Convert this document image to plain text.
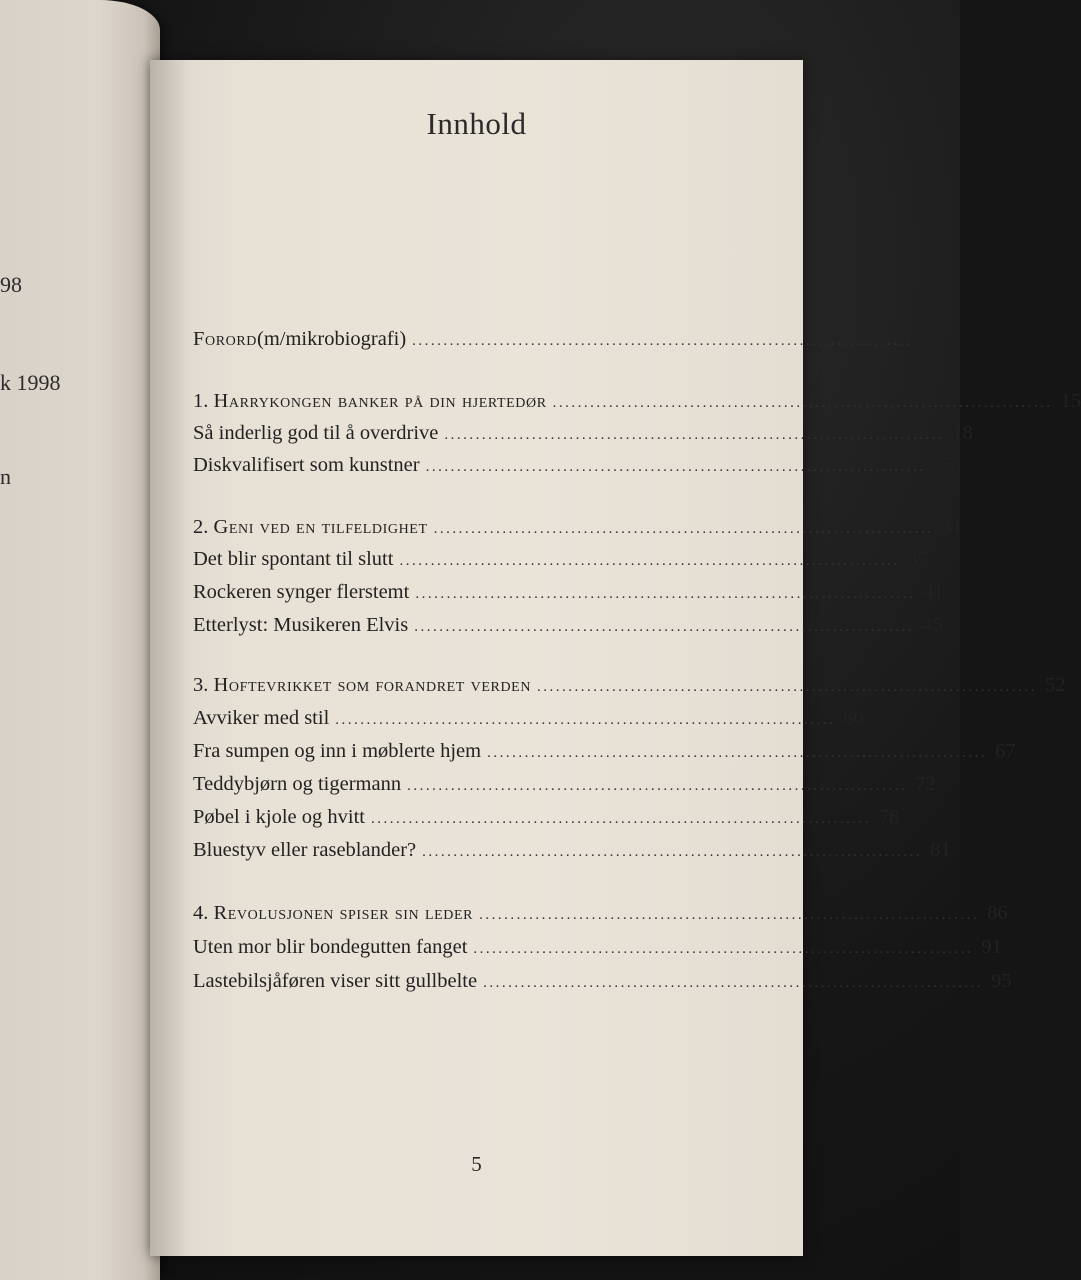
98
k 1998
n
Innhold
Forord (m/mikrobiografi) ................................................................................ 9
1. Harrykongen banker på din hjertedør ................................................................................ 15
Så inderlig god til å overdrive ................................................................................ 18
Diskvalifisert som kunstner ................................................................................ 25
2. Geni ved en tilfeldighet ................................................................................ 31
Det blir spontant til slutt ................................................................................ 37
Rockeren synger flerstemt ................................................................................ 41
Etterlyst: Musikeren Elvis ................................................................................ 45
3. Hoftevrikket som forandret verden ................................................................................ 52
Avviker med stil ................................................................................ 60
Fra sumpen og inn i møblerte hjem ................................................................................ 67
Teddybjørn og tigermann ................................................................................ 72
Pøbel i kjole og hvitt ................................................................................ 78
Bluestyv eller raseblander? ................................................................................ 81
4. Revolusjonen spiser sin leder ................................................................................ 86
Uten mor blir bondegutten fanget ................................................................................ 91
Lastebilsjåføren viser sitt gullbelte ................................................................................ 95
5
